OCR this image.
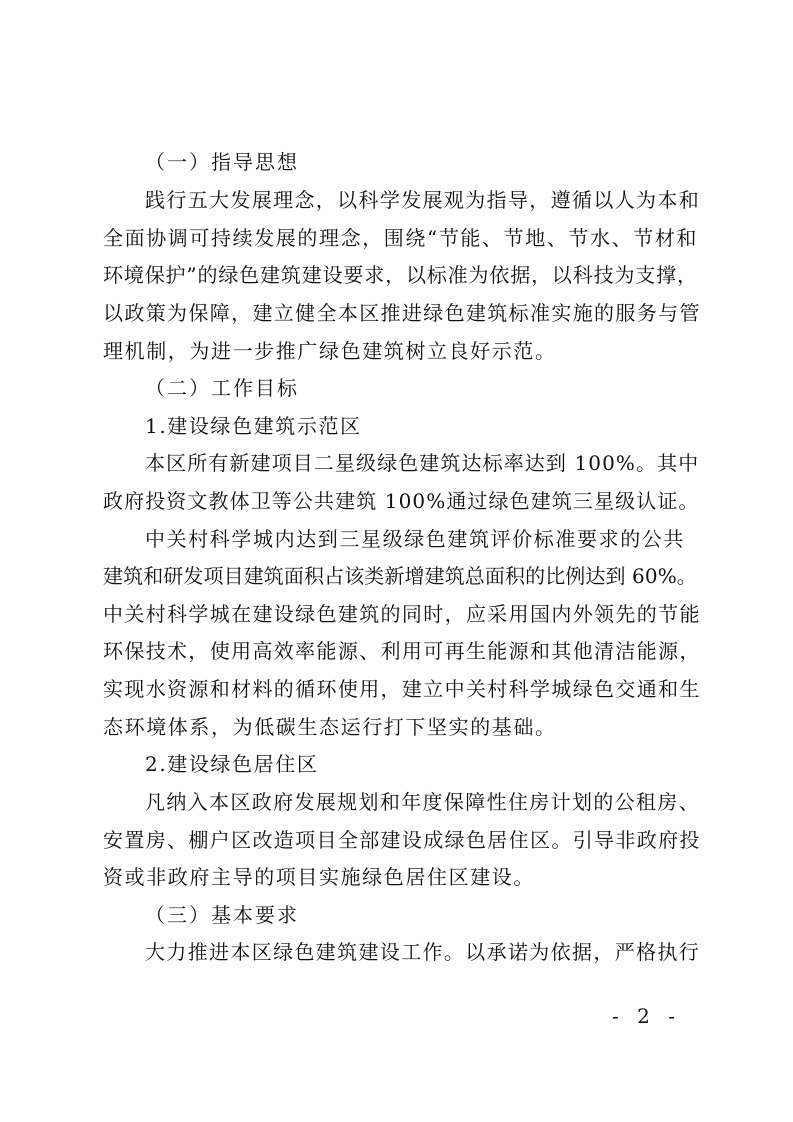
（一）指导思想
践行五大发展理念，以科学发展观为指导，遵循以人为本和
全面协调可持续发展的理念，围绕“节能、节地、节水、节材和
环境保护”的绿色建筑建设要求，以标准为依据，以科技为支撑，
以政策为保障，建立健全本区推进绿色建筑标准实施的服务与管
理机制，为进一步推广绿色建筑树立良好示范。
（二）工作目标
1.建设绿色建筑示范区
本区所有新建项目二星级绿色建筑达标率达到 100%。其中
政府投资文教体卫等公共建筑 100%通过绿色建筑三星级认证。
中关村科学城内达到三星级绿色建筑评价标准要求的公共
建筑和研发项目建筑面积占该类新增建筑总面积的比例达到 60%。
中关村科学城在建设绿色建筑的同时，应采用国内外领先的节能
环保技术，使用高效率能源、利用可再生能源和其他清洁能源，
实现水资源和材料的循环使用，建立中关村科学城绿色交通和生
态环境体系，为低碳生态运行打下坚实的基础。
2.建设绿色居住区
凡纳入本区政府发展规划和年度保障性住房计划的公租房、
安置房、棚户区改造项目全部建设成绿色居住区。引导非政府投
资或非政府主导的项目实施绿色居住区建设。
（三）基本要求
大力推进本区绿色建筑建设工作。以承诺为依据，严格执行
- 2 -
